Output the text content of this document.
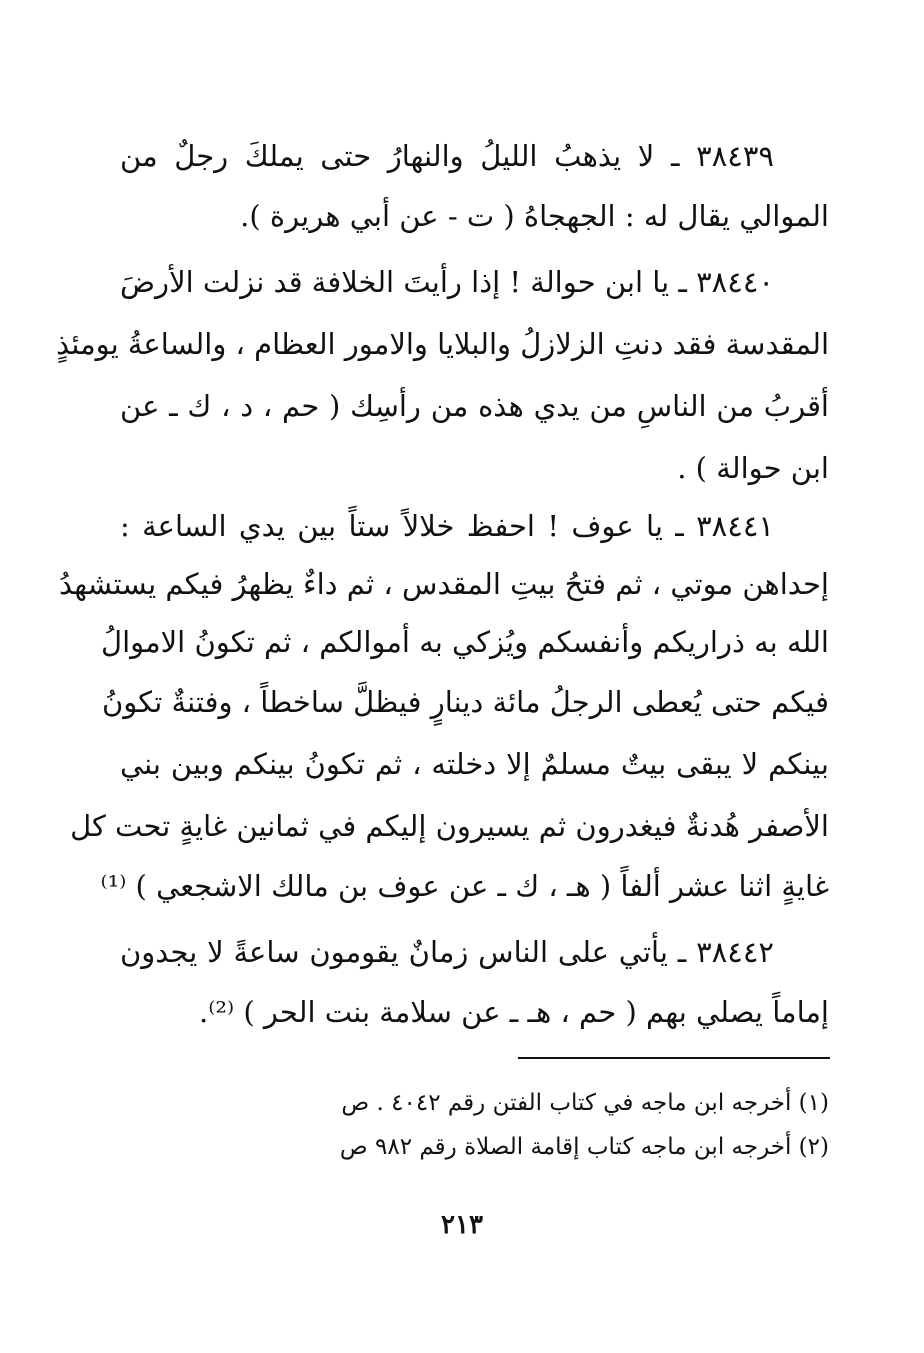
٣٨٤٣٩ ـ لا يذهبُ الليلُ والنهارُ حتى يملكَ رجلٌ من
الموالي يقال له : الجهجاهُ ( ت - عن أبي هريرة ).
٣٨٤٤٠ ـ يا ابن حوالة ! إذا رأيتَ الخلافة قد نزلت الأرضَ
المقدسة فقد دنتِ الزلازلُ والبلايا والامور العظام ، والساعةُ يومئذٍ
أقربُ من الناسِ من يدي هذه من رأسِك ( حم ، د ، ك ـ عن
ابن حوالة ) .
٣٨٤٤١ ـ يا عوف ! احفظ خلالاً ستاً بين يدي الساعة :
إحداهن موتي ، ثم فتحُ بيتِ المقدس ، ثم داءٌ يظهرُ فيكم يستشهدُ
الله به ذراريكم وأنفسكم ويُزكي به أموالكم ، ثم تكونُ الاموالُ
فيكم حتى يُعطى الرجلُ مائة دينارٍ فيظلَّ ساخطاً ، وفتنةٌ تكونُ
بينكم لا يبقى بيتٌ مسلمٌ إلا دخلته ، ثم تكونُ بينكم وبين بني
الأصفر هُدنةٌ فيغدرون ثم يسيرون إليكم في ثمانين غايةٍ تحت كل
غايةٍ اثنا عشر ألفاً ( هـ ، ك ـ عن عوف بن مالك الاشجعي ) ⁽¹⁾
٣٨٤٤٢ ـ يأتي على الناس زمانٌ يقومون ساعةً لا يجدون
إماماً يصلي بهم ( حم ، هـ ـ عن سلامة بنت الحر ) ⁽²⁾.
(١) أخرجه ابن ماجه في كتاب الفتن رقم ٤٠٤٢ . ص
(٢) أخرجه ابن ماجه كتاب إقامة الصلاة رقم ٩٨٢ ص
٢١٣
